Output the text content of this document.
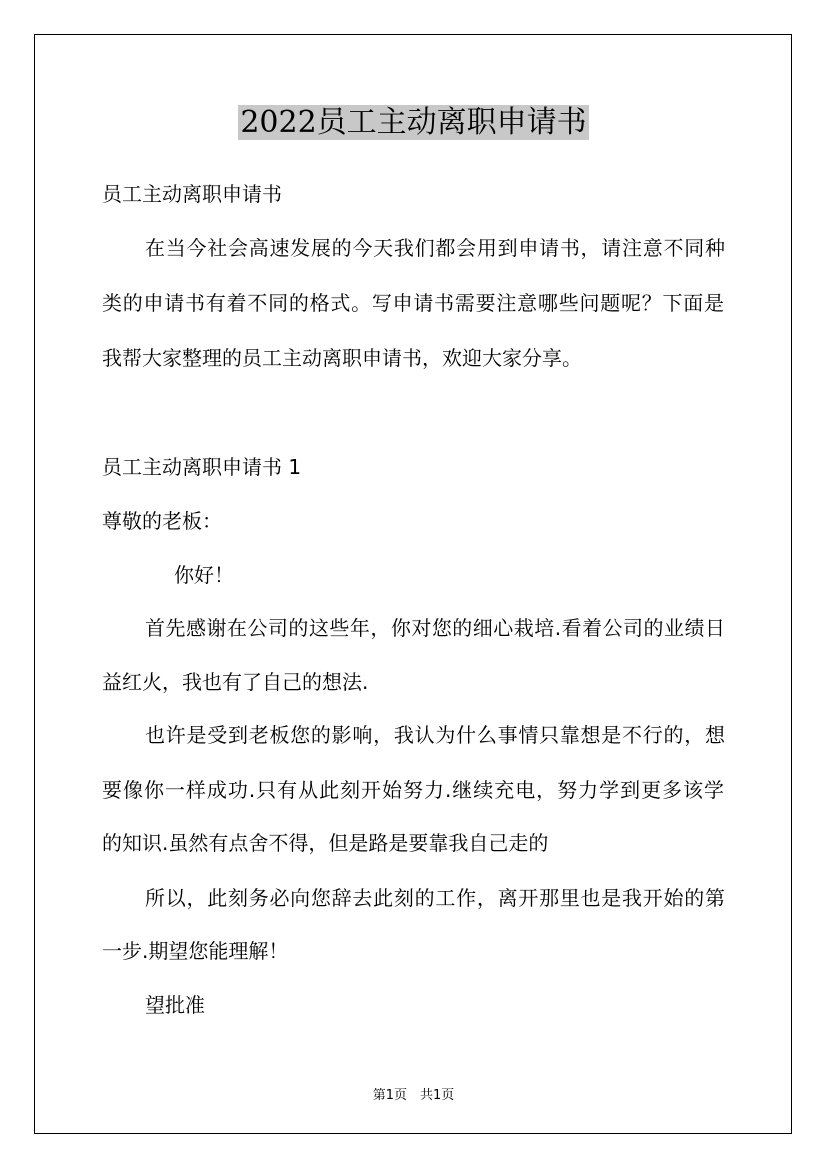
2022员工主动离职申请书
员工主动离职申请书
在当今社会高速发展的今天我们都会用到申请书，请注意不同种
类的申请书有着不同的格式。写申请书需要注意哪些问题呢？下面是
我帮大家整理的员工主动离职申请书，欢迎大家分享。
员工主动离职申请书 1
尊敬的老板：
你好！
首先感谢在公司的这些年，你对您的细心栽培.看着公司的业绩日
益红火，我也有了自己的想法.
也许是受到老板您的影响，我认为什么事情只靠想是不行的，想
要像你一样成功.只有从此刻开始努力.继续充电，努力学到更多该学
的知识.虽然有点舍不得，但是路是要靠我自己走的
所以，此刻务必向您辞去此刻的工作，离开那里也是我开始的第
一步.期望您能理解！
望批准
第1页　共1页
